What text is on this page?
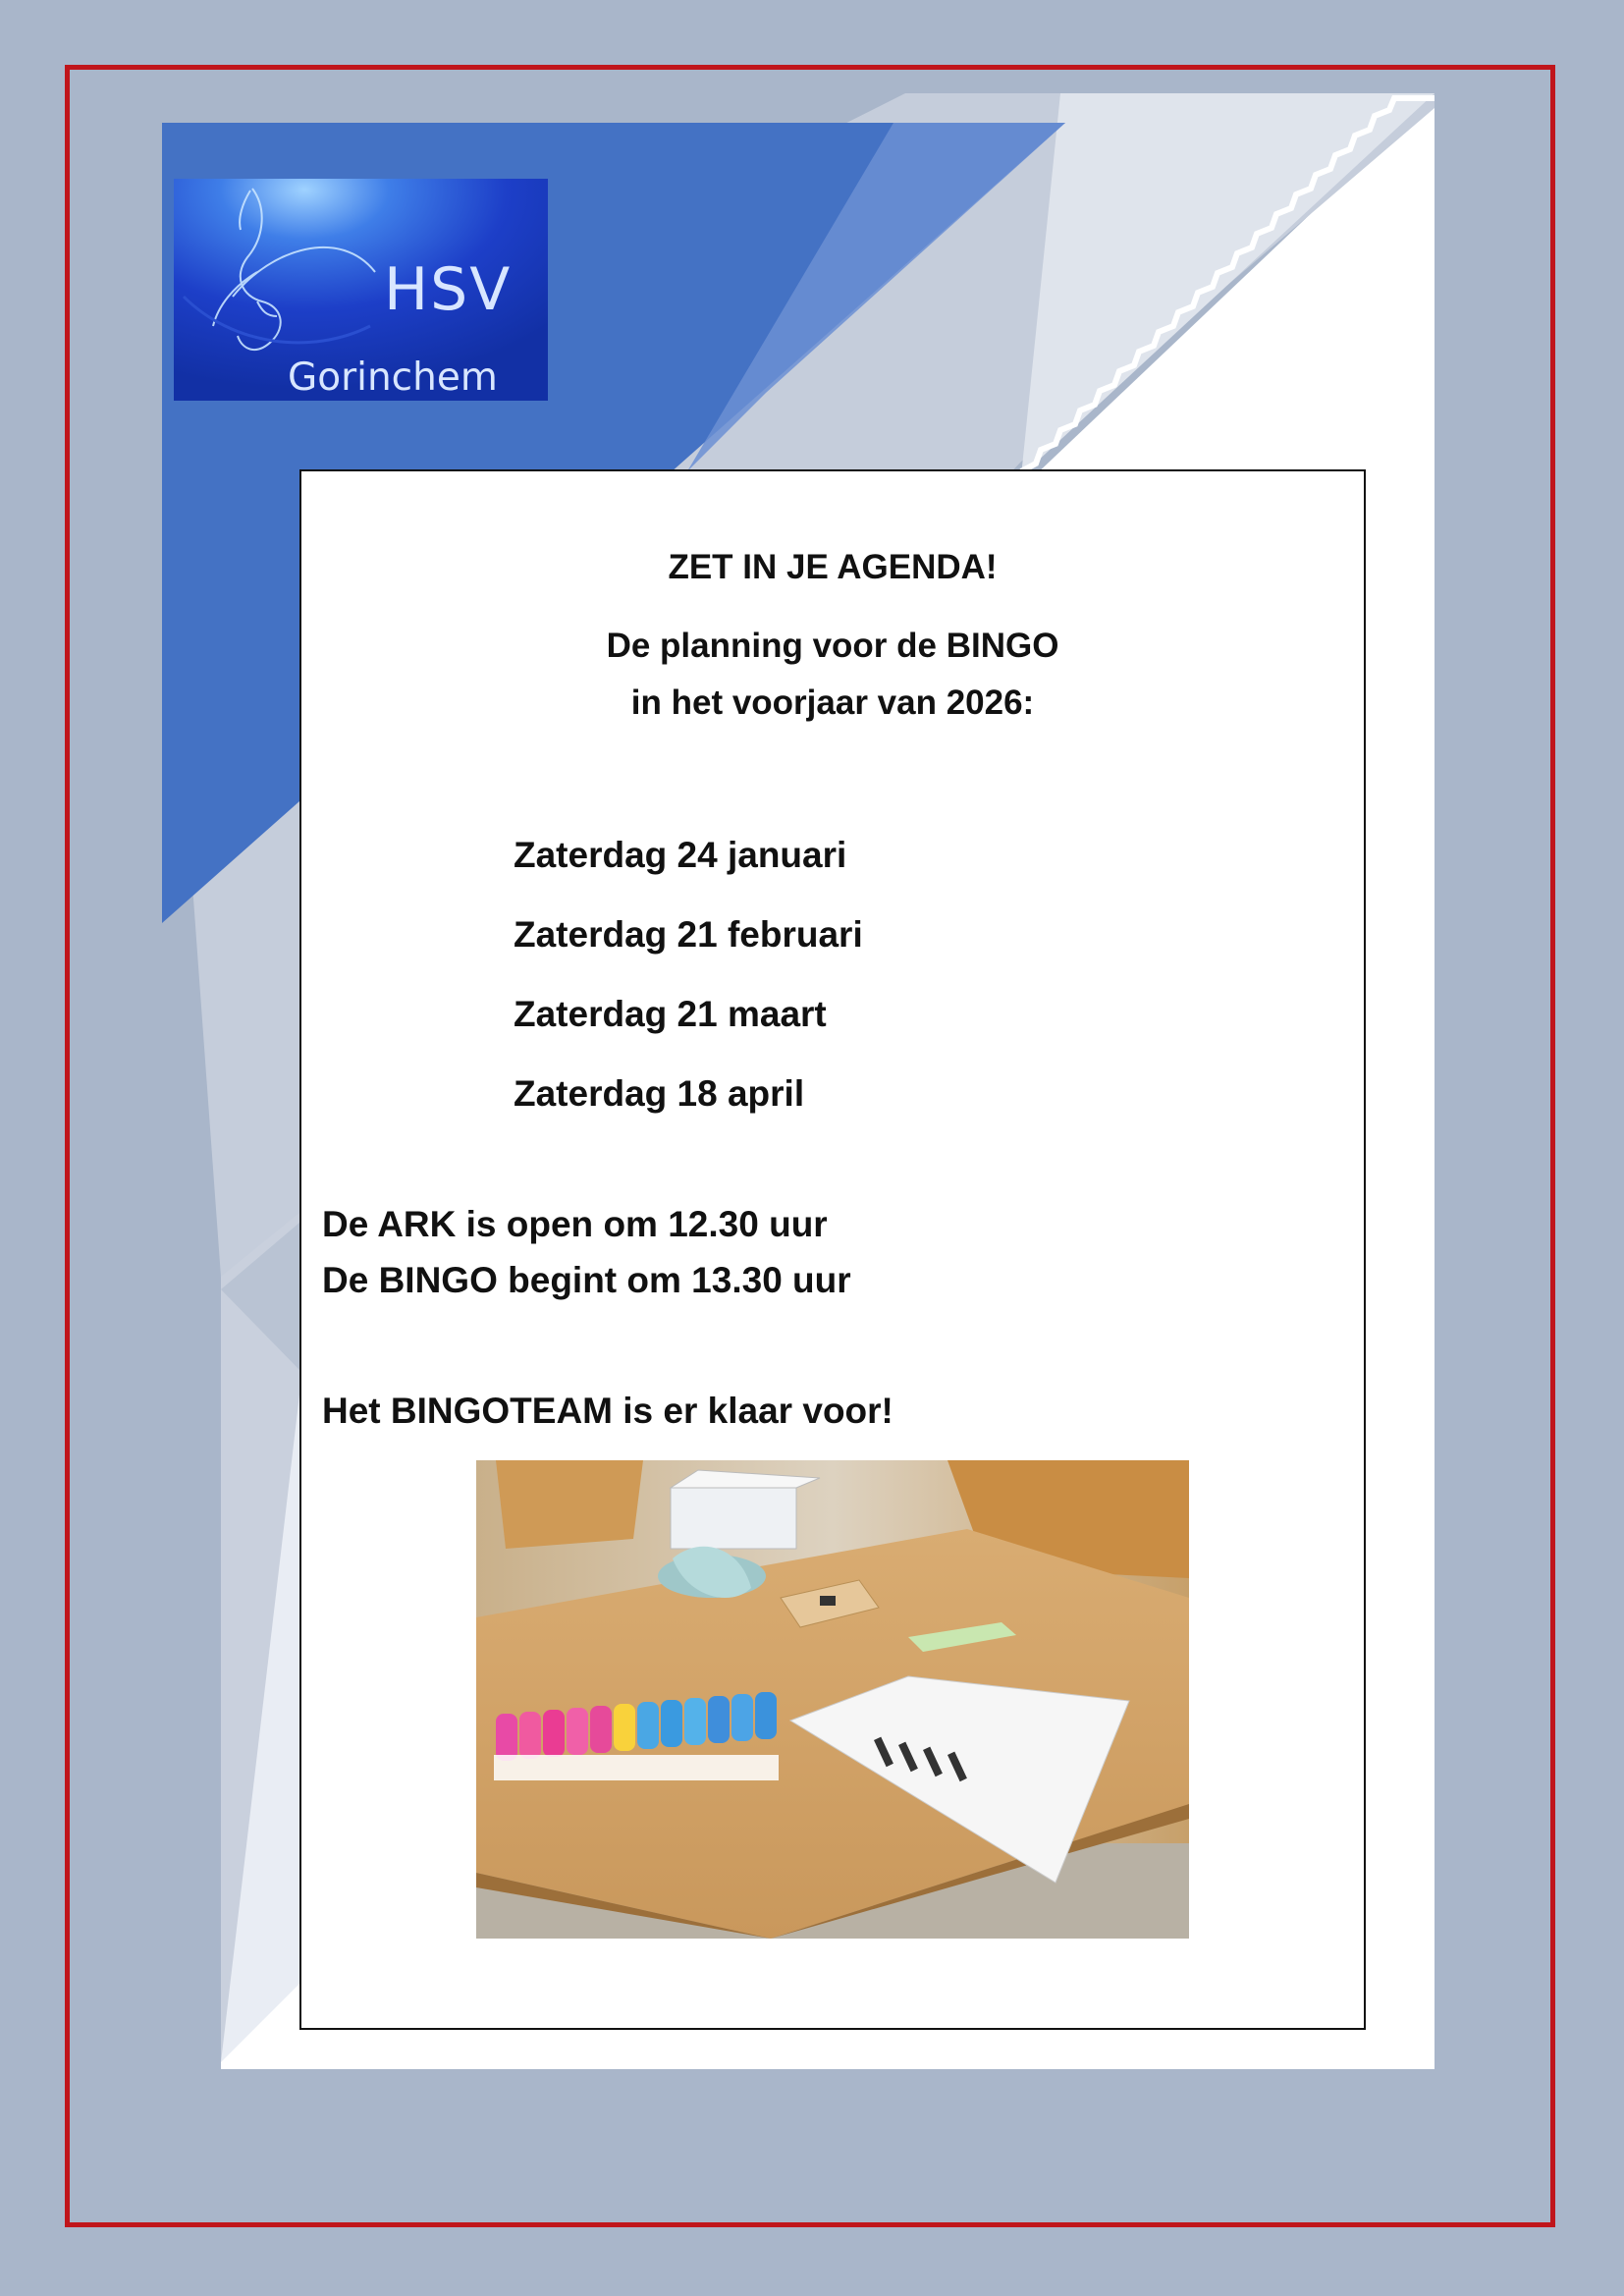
HSV
Gorinchem

ZET IN JE AGENDA!

De planning voor de BINGO

in het voorjaar van 2026:

Zaterdag 24 januari
Zaterdag 21 februari
Zaterdag 21 maart
Zaterdag 18 april
De ARK is open om 12.30 uur
De BINGO begint om 13.30 uur
Het BINGOTEAM is er klaar voor!
